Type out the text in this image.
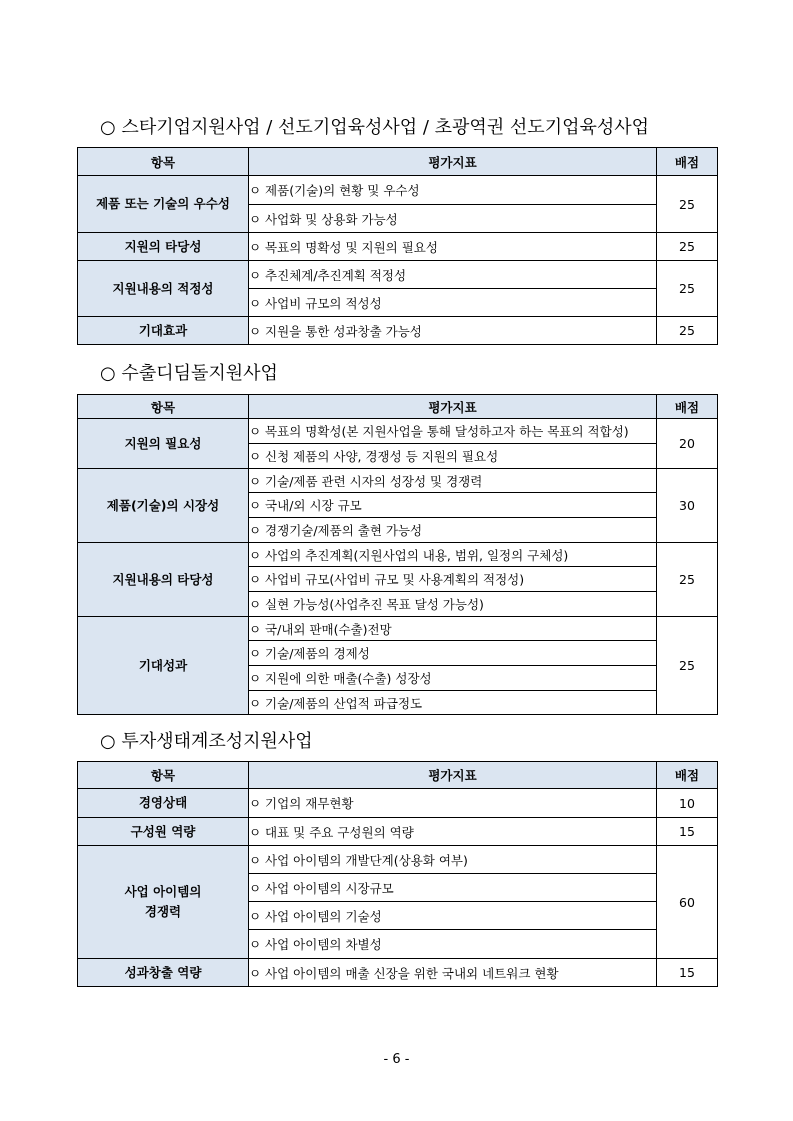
○ 스타기업지원사업 / 선도기업육성사업 / 초광역권 선도기업육성사업

항목	평가지표	배점
제품 또는 기술의 우수성	ㅇ 제품(기술)의 현황 및 우수성	25
	ㅇ 사업화 및 상용화 가능성	
지원의 타당성	ㅇ 목표의 명확성 및 지원의 필요성	25
지원내용의 적정성	ㅇ 추진체계/추진계획 적정성	25
	ㅇ 사업비 규모의 적성성	
기대효과	ㅇ 지원을 통한 성과창출 가능성	25

○ 수출디딤돌지원사업

항목	평가지표	배점
지원의 필요성	ㅇ 목표의 명확성(본 지원사업을 통해 달성하고자 하는 목표의 적합성)	20
	ㅇ 신청 제품의 사양, 경쟁성 등 지원의 필요성	
제품(기술)의 시장성	ㅇ 기술/제품 관련 시자의 성장성 및 경쟁력	30
	ㅇ 국내/외 시장 규모	
	ㅇ 경쟁기술/제품의 출현 가능성	
지원내용의 타당성	ㅇ 사업의 추진계획(지원사업의 내용, 범위, 일정의 구체성)	25
	ㅇ 사업비 규모(사업비 규모 및 사용계획의 적정성)	
	ㅇ 실현 가능성(사업추진 목표 달성 가능성)	
기대성과	ㅇ 국/내외 판매(수출)전망	25
	ㅇ 기술/제품의 경제성	
	ㅇ 지원에 의한 매출(수출) 성장성	
	ㅇ 기술/제품의 산업적 파급정도	

○ 투자생태계조성지원사업

항목	평가지표	배점
경영상태	ㅇ 기업의 재무현황	10
구성원 역량	ㅇ 대표 및 주요 구성원의 역량	15
사업 아이템의
경쟁력	ㅇ 사업 아이템의 개발단계(상용화 여부)	60
	ㅇ 사업 아이템의 시장규모	
	ㅇ 사업 아이템의 기술성	
	ㅇ 사업 아이템의 차별성	
성과창출 역량	ㅇ 사업 아이템의 매출 신장을 위한 국내외 네트워크 현황	15
- 6 -
